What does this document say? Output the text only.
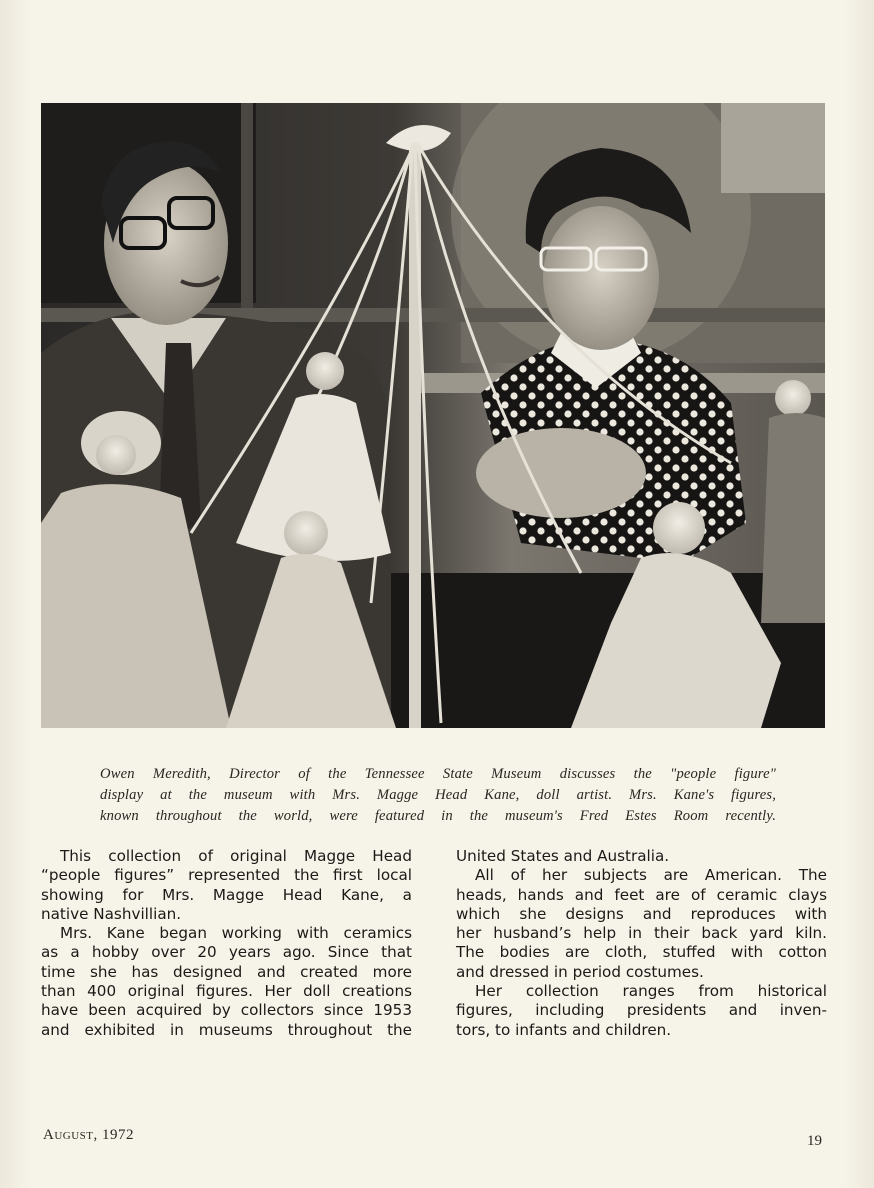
Owen Meredith, Director of the Tennessee State Museum discusses the "people figure"
display at the museum with Mrs. Magge Head Kane, doll artist. Mrs. Kane's figures,
known throughout the world, were featured in the museum's Fred Estes Room recently.
This collection of original Magge Head
“people figures” represented the first local
showing for Mrs. Magge Head Kane, a
native Nashvillian.
Mrs. Kane began working with ceramics
as a hobby over 20 years ago. Since that
time she has designed and created more
than 400 original figures. Her doll creations
have been acquired by collectors since 1953
and exhibited in museums throughout the
United States and Australia.
All of her subjects are American. The
heads, hands and feet are of ceramic clays
which she designs and reproduces with
her husband’s help in their back yard kiln.
The bodies are cloth, stuffed with cotton
and dressed in period costumes.
Her collection ranges from historical
figures, including presidents and inven-
tors, to infants and children.
August, 1972	19
